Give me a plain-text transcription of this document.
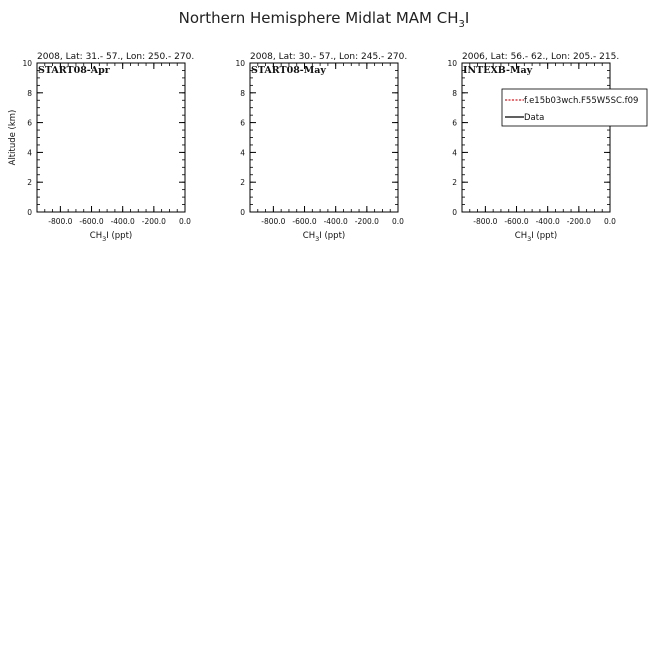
Northern Hemisphere Midlat MAM $CH_3I$
2008, Lat: 31.- 57., Lon: 250.- 270.
-800.0 -600.0 -400.0 -200.0 0.0
0
2
4
6
8
10
START08-Apr
$CH_3I$ (ppt)
Altitude (km)
2008, Lat: 30.- 57., Lon: 245.- 270.
-800.0 -600.0 -400.0 -200.0 0.0
0
2
4
6
8
10
START08-May
$CH_3I$ (ppt)
2006, Lat: 56.- 62., Lon: 205.- 215.
-800.0 -600.0 -400.0 -200.0 0.0
0
2
4
6
8
10
INTEXB-May
$CH_3I$ (ppt)
f.e15b03wch.F55W5SC.f09
Data
